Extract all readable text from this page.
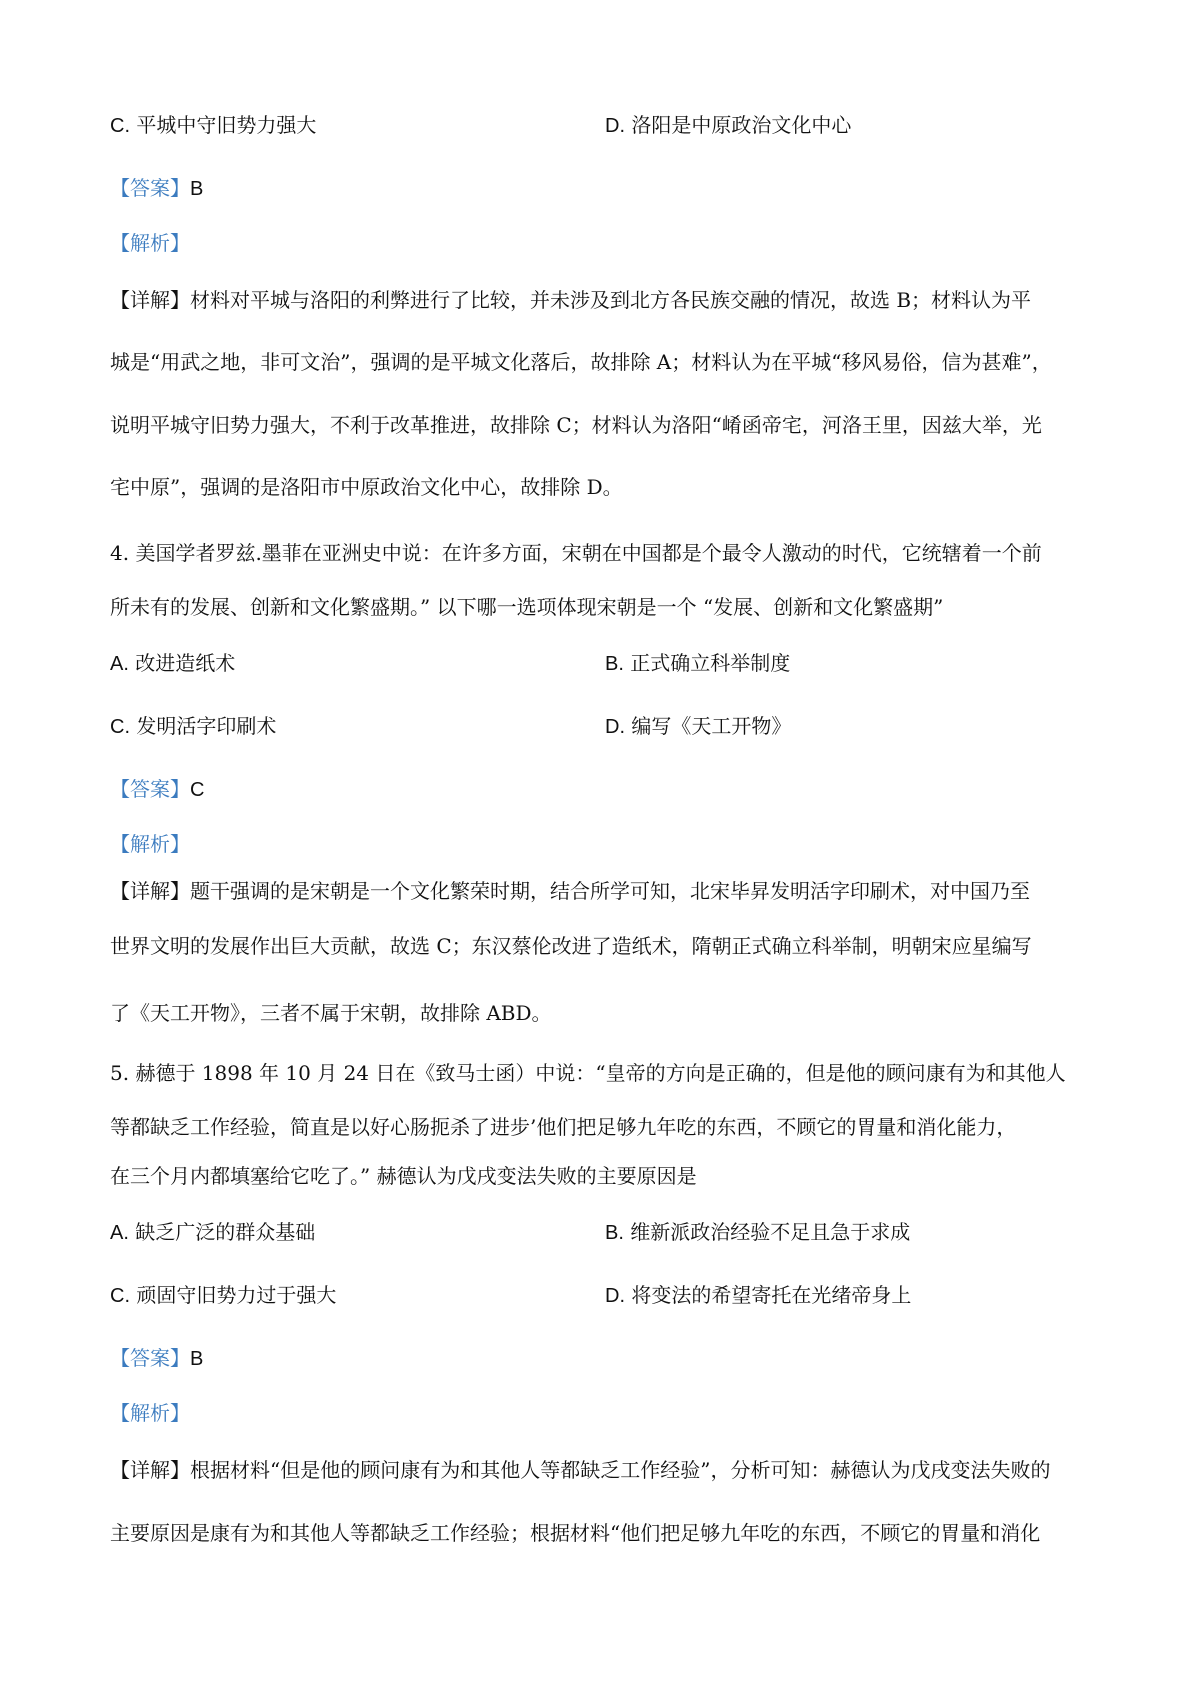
C. 平城中守旧势力强大	D. 洛阳是中原政治文化中心
【答案】B
【解析】
【详解】材料对平城与洛阳的利弊进行了比较，并未涉及到北方各民族交融的情况，故选 B；材料认为平
城是“用武之地，非可文治”，强调的是平城文化落后，故排除 A；材料认为在平城“移风易俗，信为甚难”，
说明平城守旧势力强大，不利于改革推进，故排除 C；材料认为洛阳“崤函帝宅，河洛王里，因兹大举，光
宅中原”，强调的是洛阳市中原政治文化中心，故排除 D。
4. 美国学者罗兹.墨菲在亚洲史中说：在许多方面，宋朝在中国都是个最令人激动的时代，它统辖着一个前
所未有的发展、创新和文化繁盛期。” 以下哪一选项体现宋朝是一个 “发展、创新和文化繁盛期”
A. 改进造纸术	B. 正式确立科举制度
C. 发明活字印刷术	D. 编写《天工开物》
【答案】C
【解析】
【详解】题干强调的是宋朝是一个文化繁荣时期，结合所学可知，北宋毕昇发明活字印刷术，对中国乃至
世界文明的发展作出巨大贡献，故选 C；东汉蔡伦改进了造纸术，隋朝正式确立科举制，明朝宋应星编写
了《天工开物》，三者不属于宋朝，故排除 ABD。
5. 赫德于 1898 年 10 月 24 日在《致马士函）中说：“皇帝的方向是正确的，但是他的顾问康有为和其他人
等都缺乏工作经验，简直是以好心肠扼杀了进步’他们把足够九年吃的东西，不顾它的胃量和消化能力，
在三个月内都填塞给它吃了。” 赫德认为戊戌变法失败的主要原因是
A. 缺乏广泛的群众基础	B. 维新派政治经验不足且急于求成
C. 顽固守旧势力过于强大	D. 将变法的希望寄托在光绪帝身上
【答案】B
【解析】
【详解】根据材料“但是他的顾问康有为和其他人等都缺乏工作经验”，分析可知：赫德认为戊戌变法失败的
主要原因是康有为和其他人等都缺乏工作经验；根据材料“他们把足够九年吃的东西，不顾它的胃量和消化
